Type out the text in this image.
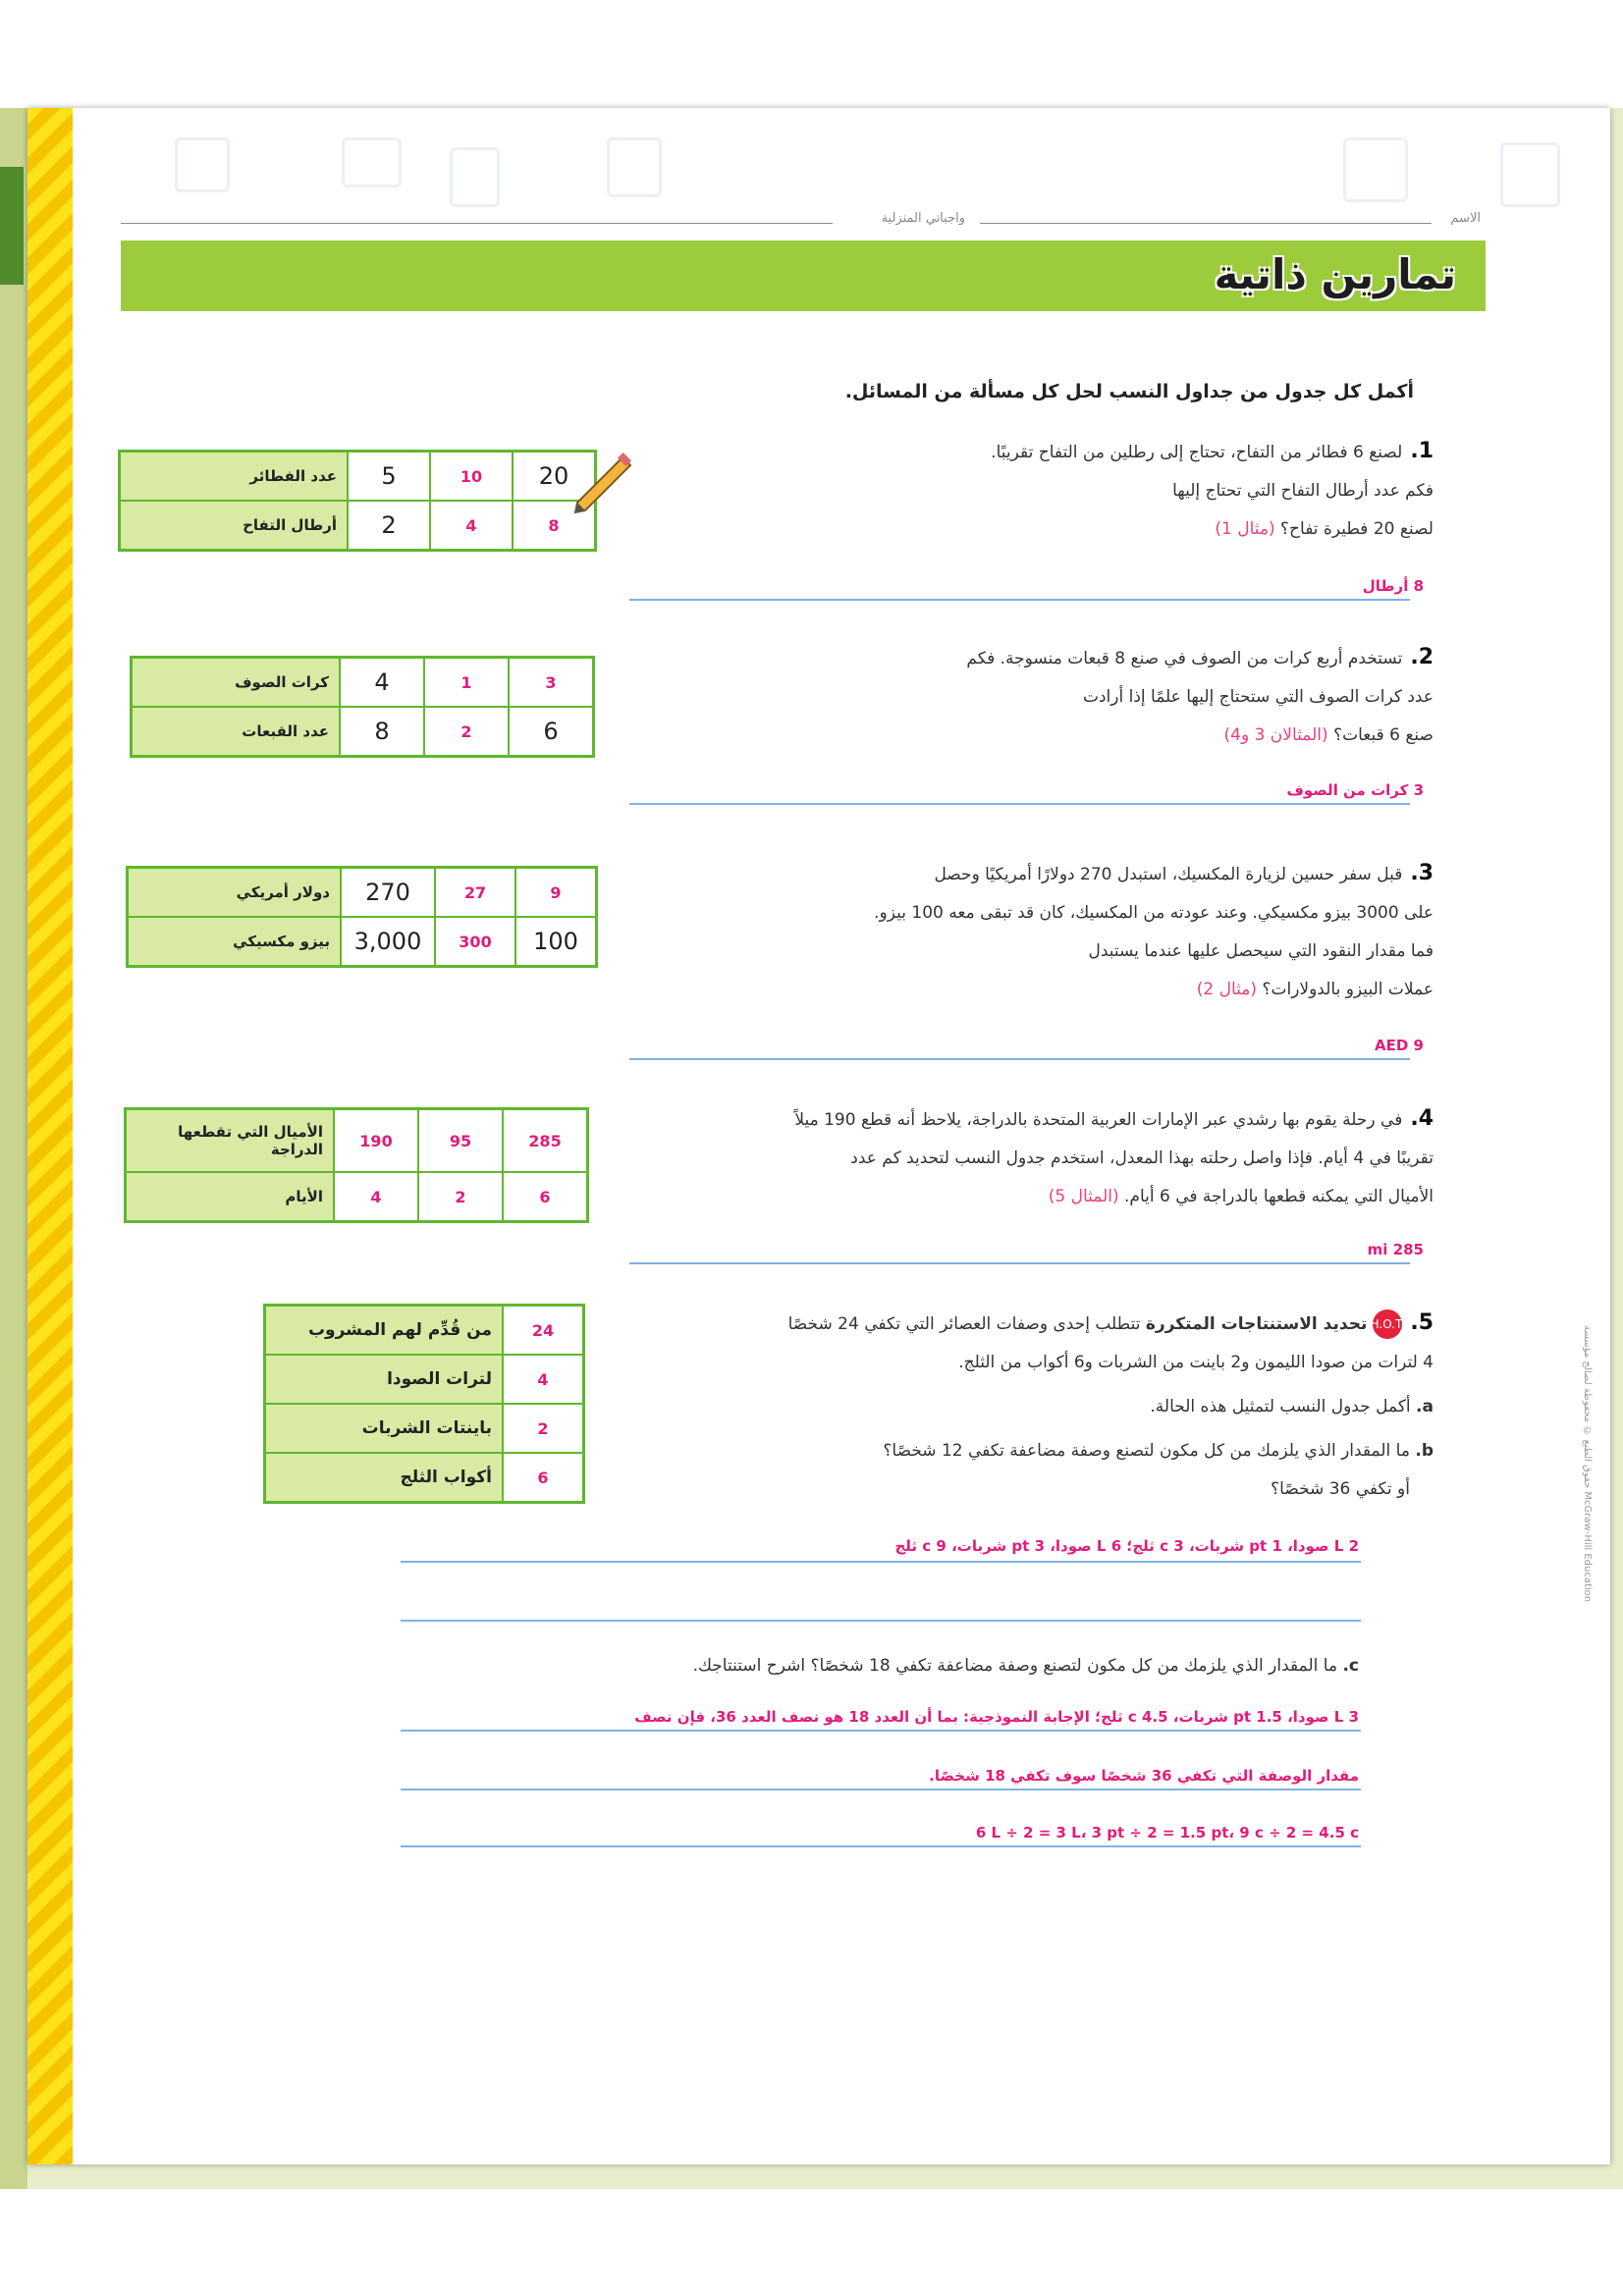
الاسم
واجباتي المنزلية
تمارين ذاتية
أكمل كل جدول من جداول النسب لحل كل مسألة من المسائل.
1.لصنع 6 فطائر من التفاح، تحتاج إلى رطلين من التفاح تقريبًا.
فكم عدد أرطال التفاح التي تحتاج إليها
لصنع 20 فطيرة تفاح؟ (مثال 1)
8 أرطال
عدد الفطائر	5	10	20
أرطال التفاح	2	4	8
2.تستخدم أربع كرات من الصوف في صنع 8 قبعات منسوجة. فكم
عدد كرات الصوف التي ستحتاج إليها علمًا إذا أرادت
صنع 6 قبعات؟ (المثالان 3 و4)
3 كرات من الصوف
كرات الصوف	4	1	3
عدد القبعات	8	2	6
3.قبل سفر حسين لزيارة المكسيك، استبدل 270 دولارًا أمريكيًا وحصل
على 3000 بيزو مكسيكي. وعند عودته من المكسيك، كان قد تبقى معه 100 بيزو.
فما مقدار النقود التي سيحصل عليها عندما يستبدل
عملات البيزو بالدولارات؟ (مثال 2)
AED 9
دولار أمريكي	270	27	9
بيزو مكسيكي	3,000	300	100
4.في رحلة يقوم بها رشدي عبر الإمارات العربية المتحدة بالدراجة، يلاحظ أنه قطع 190 ميلاً
تقريبًا في 4 أيام. فإذا واصل رحلته بهذا المعدل، استخدم جدول النسب لتحديد كم عدد
الأميال التي يمكنه قطعها بالدراجة في 6 أيام. (المثال 5)
285 mi
الأميال التي تقطعها الدراجة	190	95	285
الأيام	4	2	6
5.H.O.T.تحديد الاستنتاجات المتكررة تتطلب إحدى وصفات العصائر التي تكفي 24 شخصًا
4 لترات من صودا الليمون و2 باينت من الشربات و6 أكواب من الثلج.
a. أكمل جدول النسب لتمثيل هذه الحالة.
b. ما المقدار الذي يلزمك من كل مكون لتصنع وصفة مضاعفة تكفي 12 شخصًا؟
أو تكفي 36 شخصًا؟
2 L صودا، 1 pt شربات، 3 c ثلج؛ 6 L صودا، 3 pt شربات، 9 c ثلج
c. ما المقدار الذي يلزمك من كل مكون لتصنع وصفة مضاعفة تكفي 18 شخصًا؟ اشرح استنتاجك.
3 L صودا، 1.5 pt شربات، 4.5 c ثلج؛ الإجابة النموذجية: بما أن العدد 18 هو نصف العدد 36، فإن نصف
مقدار الوصفة التي تكفي 36 شخصًا سوف تكفي 18 شخصًا.
6 L ÷ 2 = 3 L، 3 pt ÷ 2 = 1.5 pt، 9 c ÷ 2 = 4.5 c
من قُدِّم لهم المشروب	24
لترات الصودا	4
باينتات الشربات	2
أكواب الثلج	6	حقوق الطبع © محفوظة لصالح مؤسسة McGraw-Hill Education
